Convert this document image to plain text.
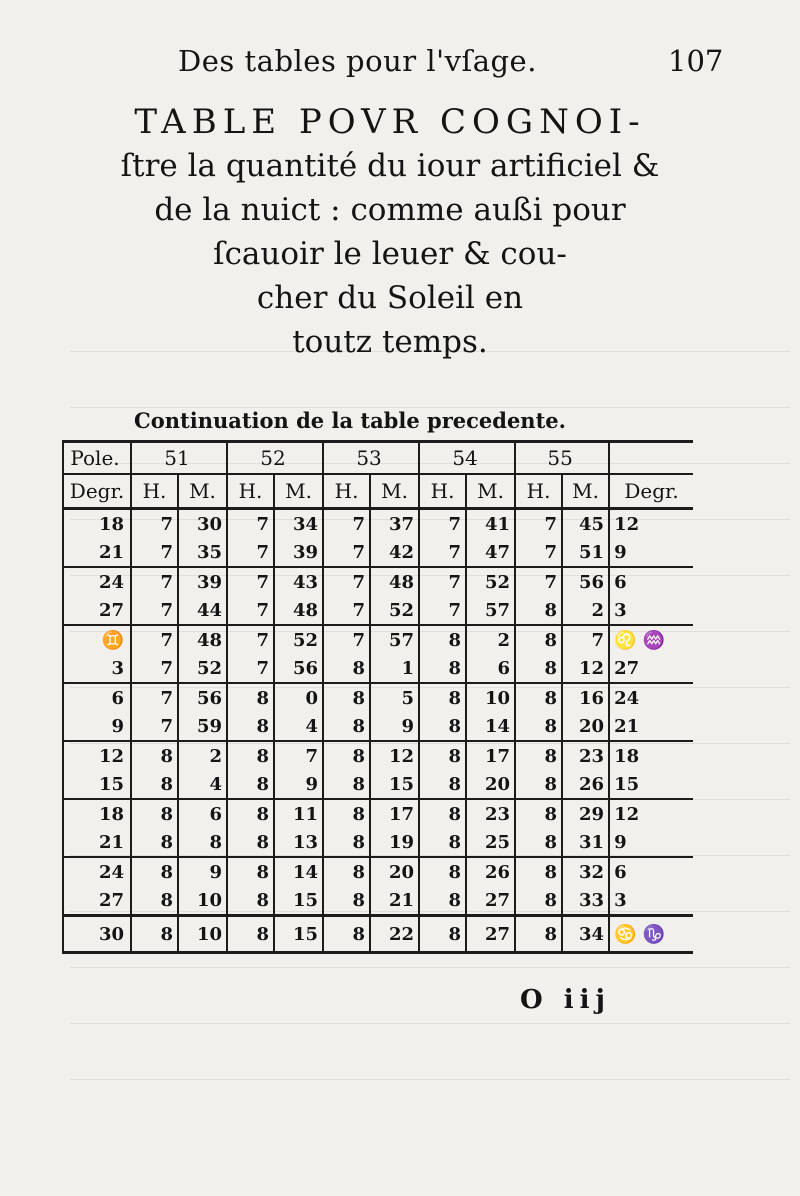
Des tables pour l'vſage.	107
TABLE POVR COGNOI-
ſtre la quantité du iour artificiel &
de la nuict : comme außi pour
ſcauoir le leuer & cou-
cher du Soleil en
toutz temps.
Continuation de la table precedente.
Pole.	51		52		53		54		55		
Degr.	H.	M.	H.	M.	H.	M.	H.	M.	H.	M.	Degr.
18	7	30	7	34	7	37	7	41	7	45	12
21	7	35	7	39	7	42	7	47	7	51	9
24	7	39	7	43	7	48	7	52	7	56	6
27	7	44	7	48	7	52	7	57	8	2	3
♊	7	48	7	52	7	57	8	2	8	7	♌ ♒
3	7	52	7	56	8	1	8	6	8	12	27
6	7	56	8	0	8	5	8	10	8	16	24
9	7	59	8	4	8	9	8	14	8	20	21
12	8	2	8	7	8	12	8	17	8	23	18
15	8	4	8	9	8	15	8	20	8	26	15
18	8	6	8	11	8	17	8	23	8	29	12
21	8	8	8	13	8	19	8	25	8	31	9
24	8	9	8	14	8	20	8	26	8	32	6
27	8	10	8	15	8	21	8	27	8	33	3
30	8	10	8	15	8	22	8	27	8	34	♋ ♑
O iij
